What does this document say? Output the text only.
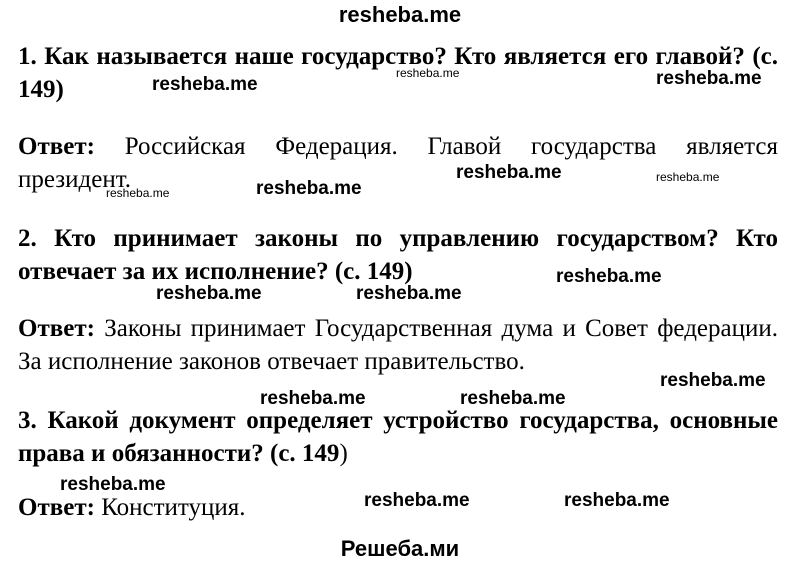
resheba.me
1. Как называется наше государство? Кто является его главой? (с. 149)
Ответ: Российская Федерация. Главой государства является президент.
2. Кто принимает законы по управлению государством? Кто отвечает за их исполнение? (с. 149)
Ответ: Законы принимает Государственная дума и Совет федерации. За исполнение законов отвечает правительство.
3. Какой документ определяет устройство государства, основные права и обязанности? (с. 149)
Ответ: Конституция.
resheba.me
resheba.me	resheba.me
resheba.me	resheba.me
resheba.me	resheba.me
resheba.me
resheba.me	resheba.me
resheba.me
resheba.me	resheba.me
resheba.me
resheba.me	resheba.me
Решеба.ми
